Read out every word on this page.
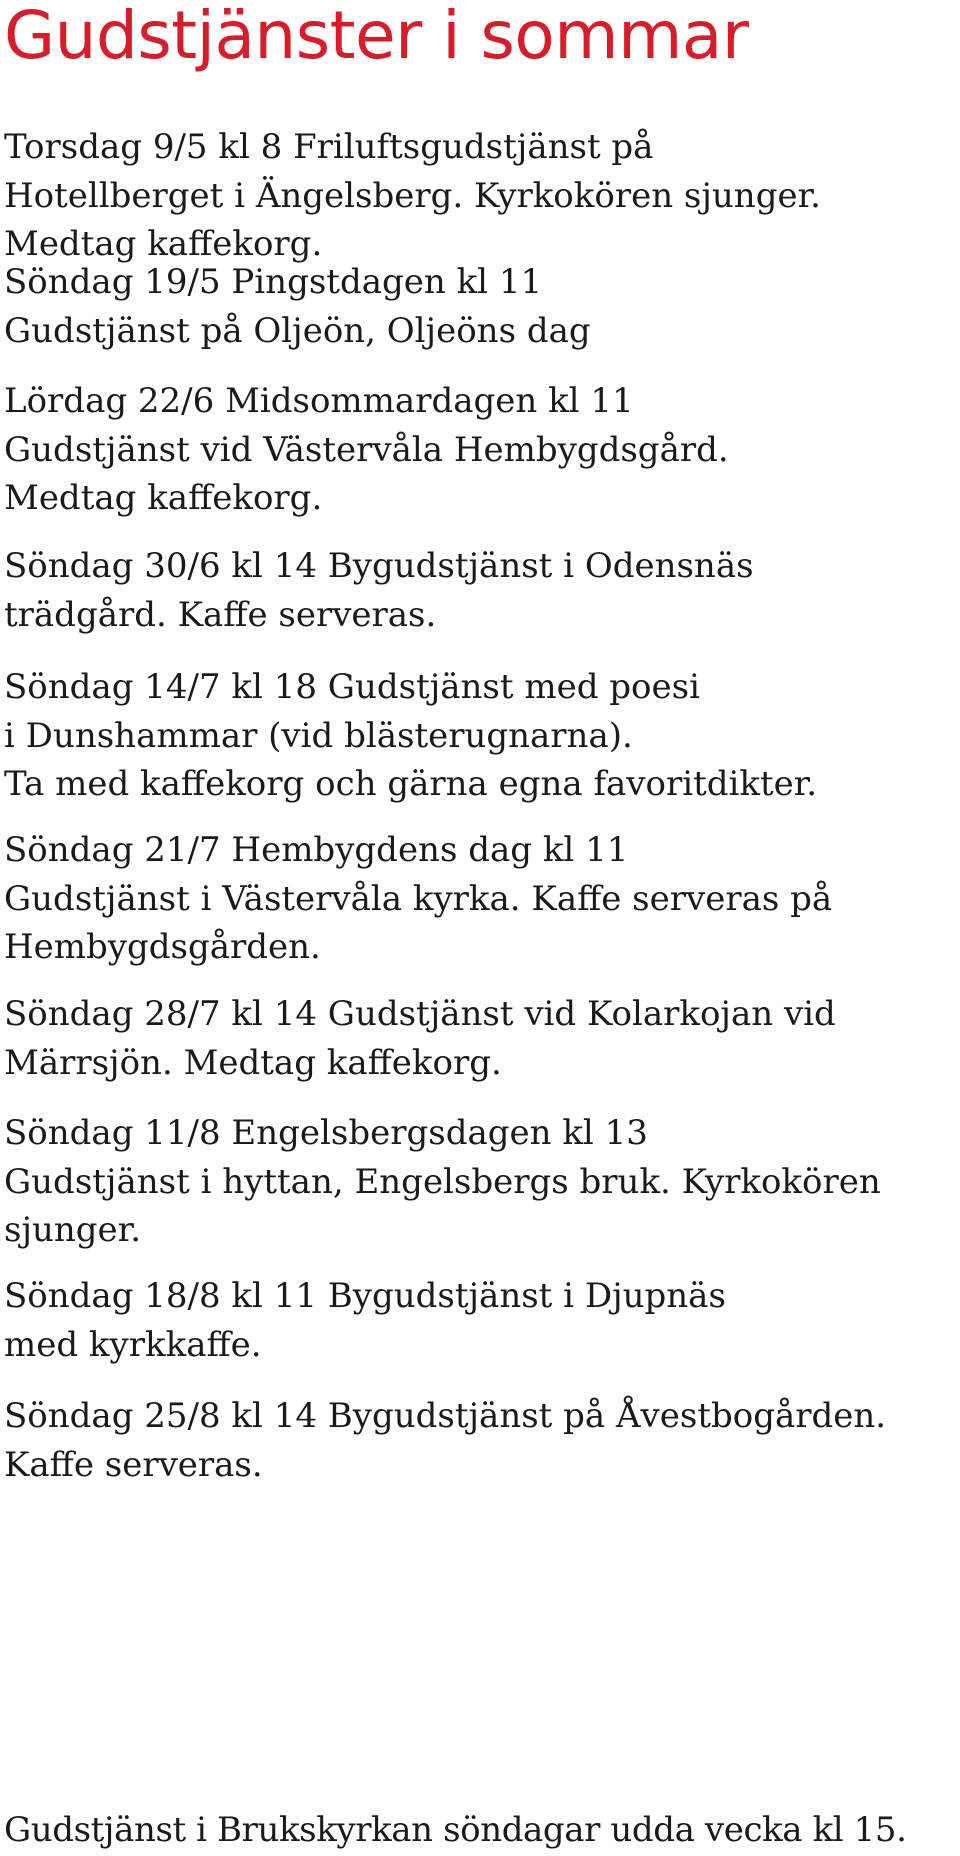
Gudstjänster i sommar
Torsdag 9/5 kl 8 Friluftsgudstjänst på
Hotellberget i Ängelsberg. Kyrkokören sjunger.
Medtag kaffekorg.
Söndag 19/5 Pingstdagen kl 11
Gudstjänst på Oljeön, Oljeöns dag
Lördag 22/6 Midsommardagen kl 11
Gudstjänst vid Västervåla Hembygdsgård.
Medtag kaffekorg.
Söndag 30/6 kl 14 Bygudstjänst i Odensnäs
trädgård. Kaffe serveras.
Söndag 14/7 kl 18 Gudstjänst med poesi
i Dunshammar (vid blästerugnarna).
Ta med kaffekorg och gärna egna favoritdikter.
Söndag 21/7 Hembygdens dag kl 11
Gudstjänst i Västervåla kyrka. Kaffe serveras på
Hembygdsgården.
Söndag 28/7 kl 14 Gudstjänst vid Kolarkojan vid
Märrsjön. Medtag kaffekorg.
Söndag 11/8 Engelsbergsdagen kl 13
Gudstjänst i hyttan, Engelsbergs bruk. Kyrkokören
sjunger.
Söndag 18/8 kl 11 Bygudstjänst i Djupnäs
med kyrkkaffe.
Söndag 25/8 kl 14 Bygudstjänst på Åvestbogården.
Kaffe serveras.

Gudstjänst i Brukskyrkan söndagar udda vecka kl 15.
